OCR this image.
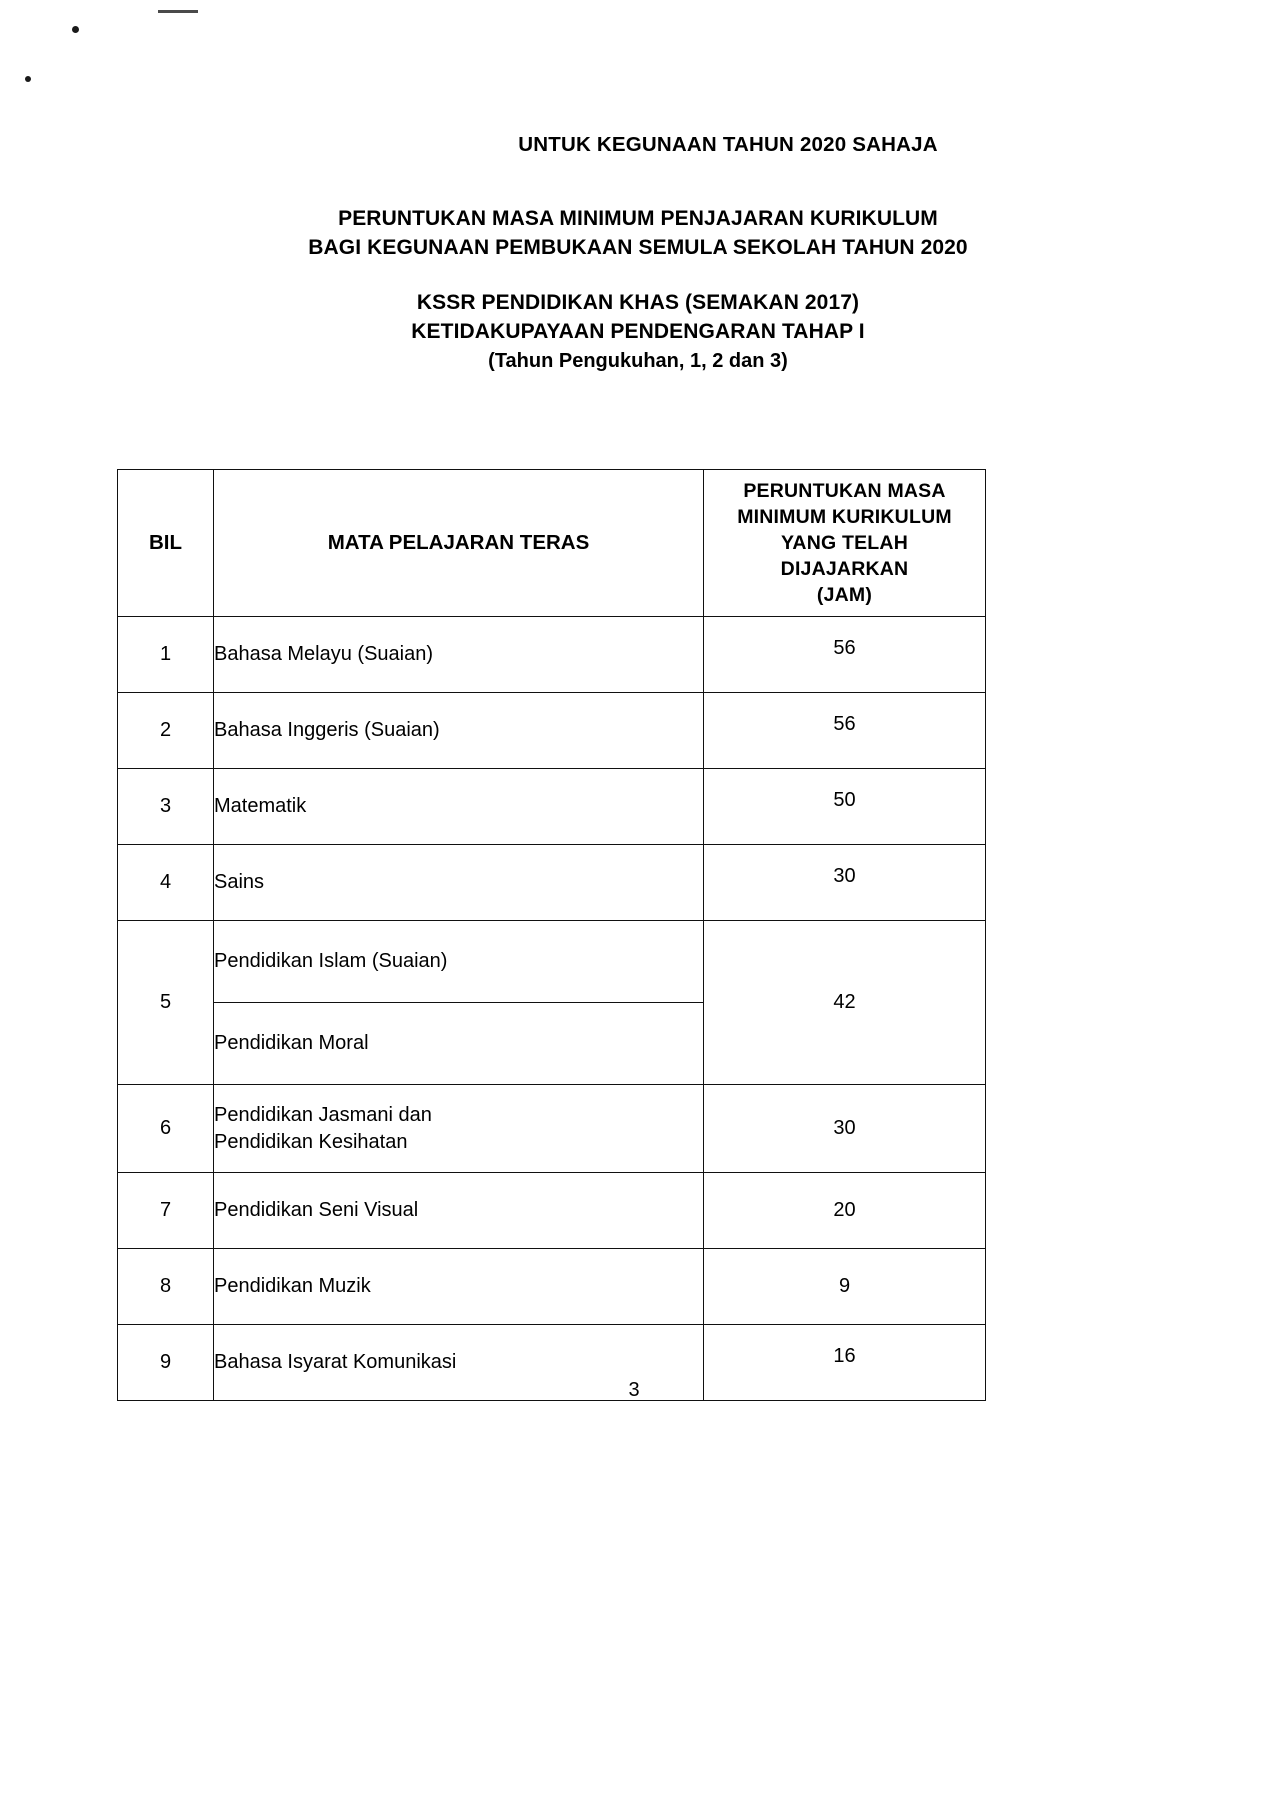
UNTUK KEGUNAAN TAHUN 2020 SAHAJA
PERUNTUKAN MASA MINIMUM PENJAJARAN KURIKULUM
BAGI KEGUNAAN PEMBUKAAN SEMULA SEKOLAH TAHUN 2020
KSSR PENDIDIKAN KHAS (SEMAKAN 2017)
KETIDAKUPAYAAN PENDENGARAN TAHAP I
(Tahun Pengukuhan, 1, 2 dan 3)
BIL	MATA PELAJARAN TERAS	PERUNTUKAN MASA
MINIMUM KURIKULUM
YANG TELAH
DIJAJARKAN
(JAM)

1	Bahasa Melayu (Suaian)	56
2	Bahasa Inggeris (Suaian)	56
3	Matematik	50
4	Sains	30
5	Pendidikan Islam (Suaian)	42
	Pendidikan Moral	
6	Pendidikan Jasmani dan
Pendidikan Kesihatan	30
7	Pendidikan Seni Visual	20
8	Pendidikan Muzik	9
9	Bahasa Isyarat Komunikasi	16
3
